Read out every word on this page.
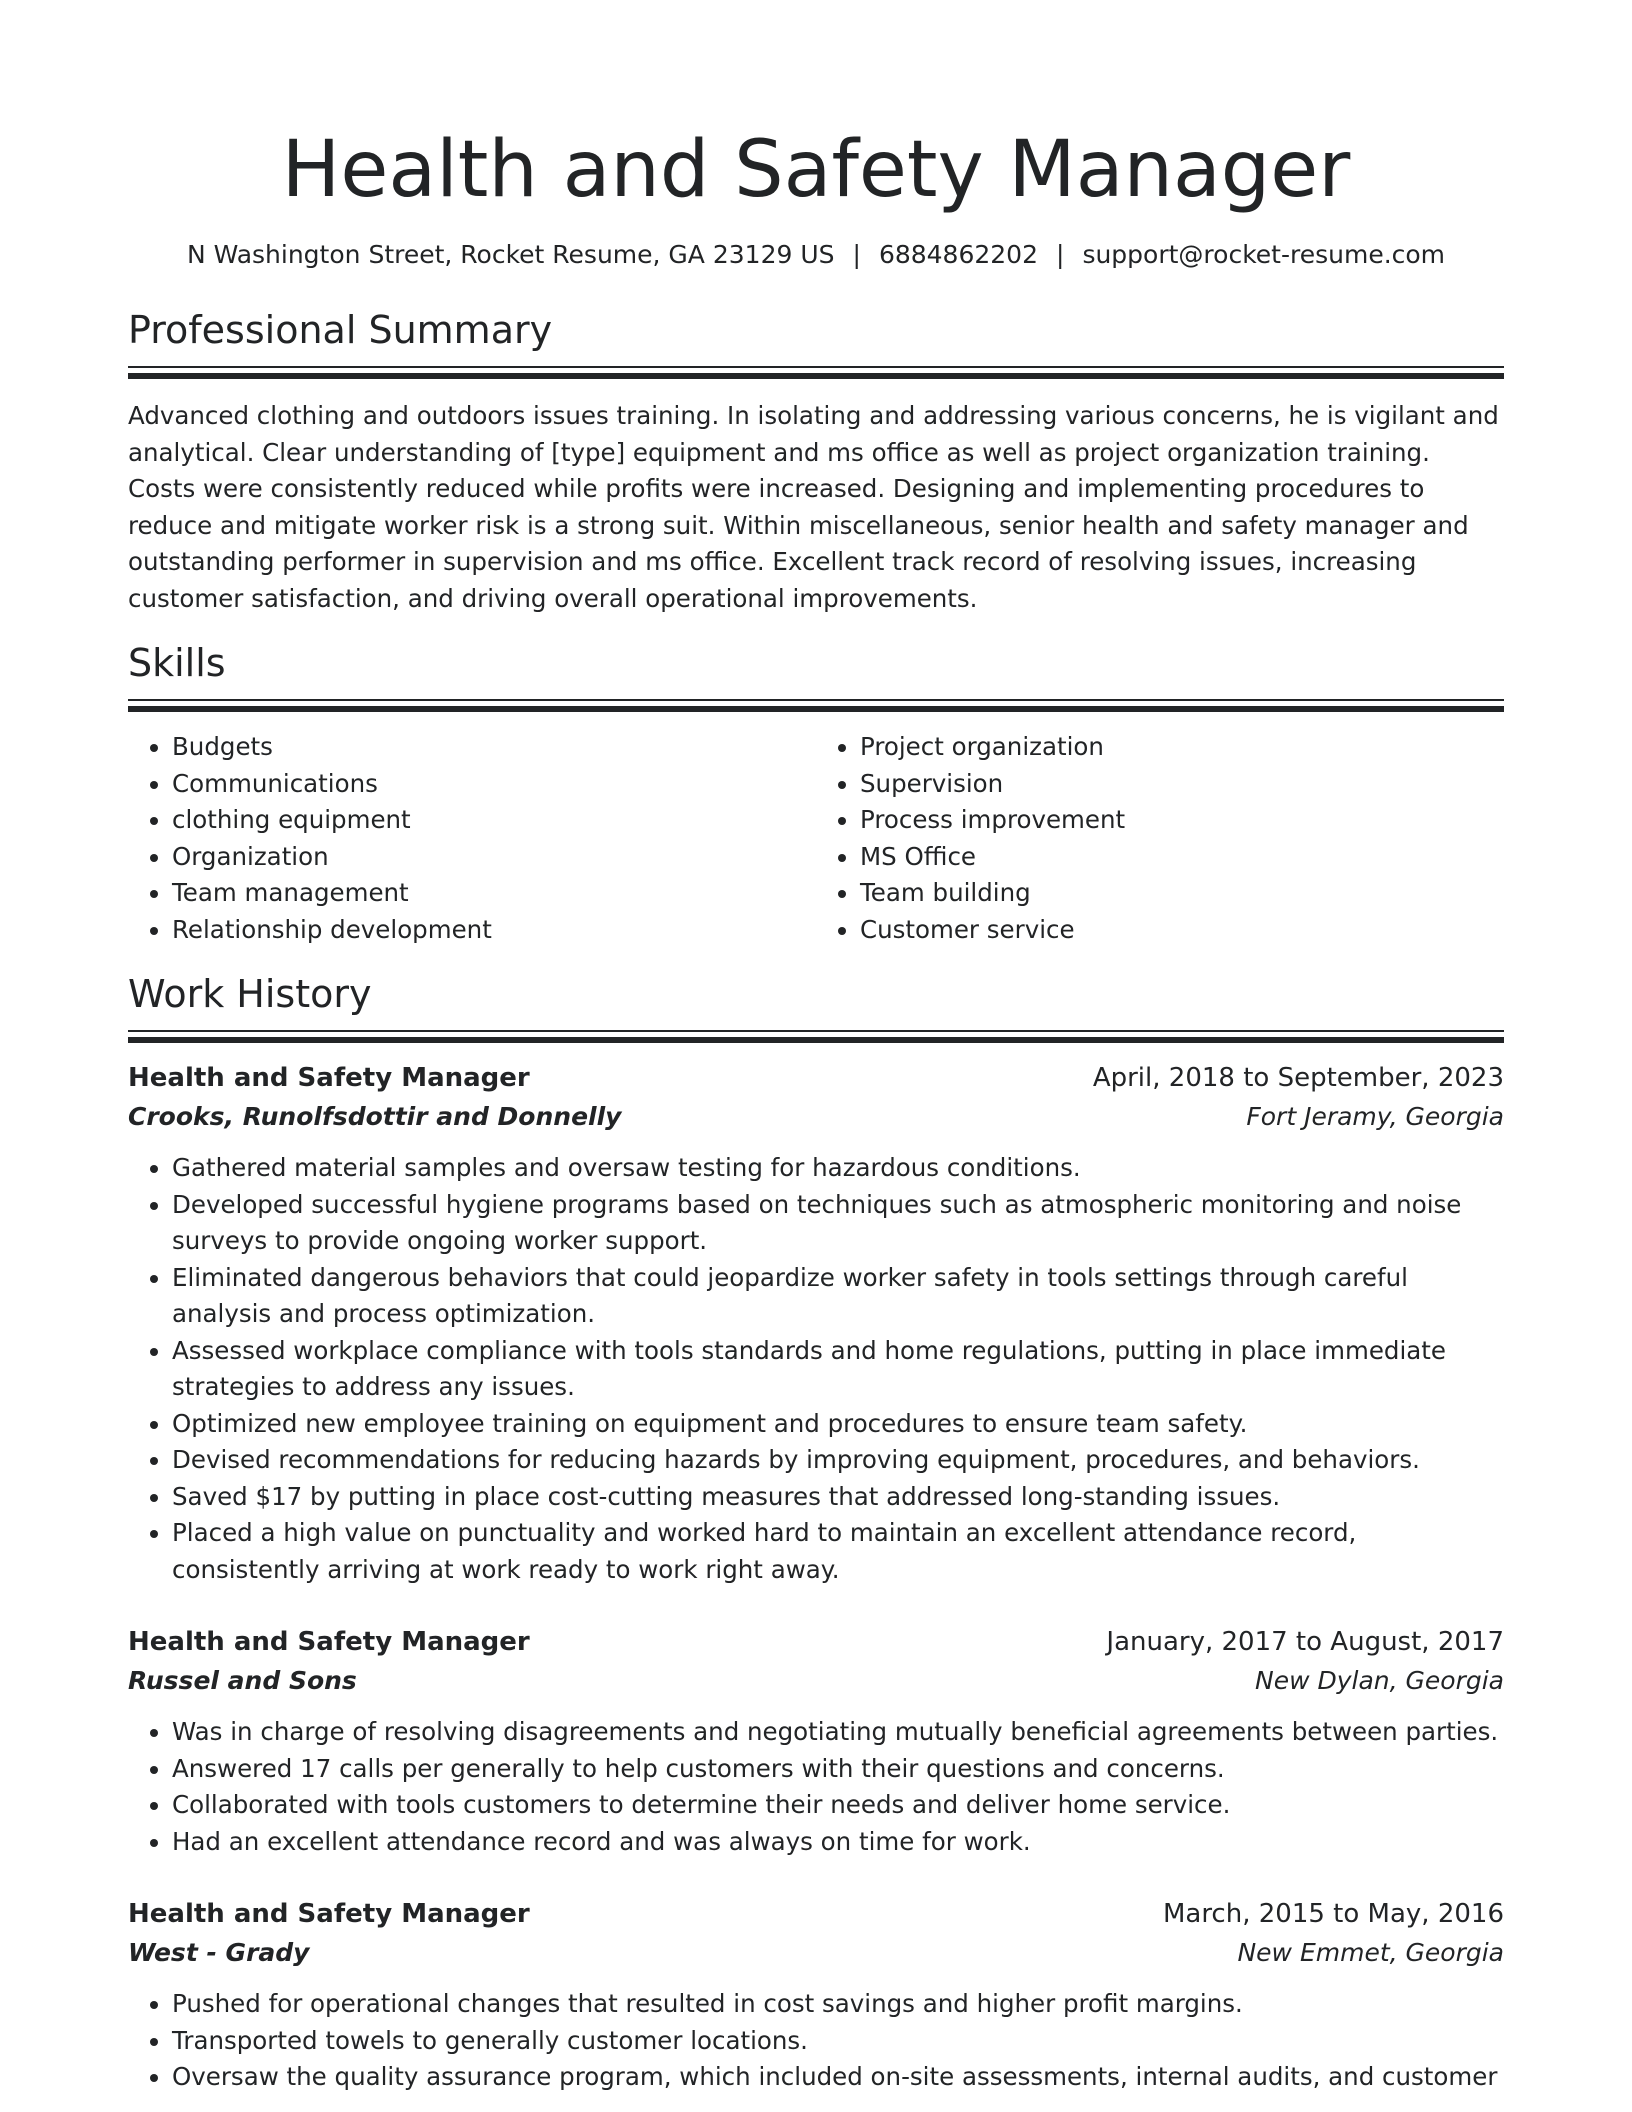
Health and Safety Manager
N Washington Street, Rocket Resume, GA 23129 US | 6884862202 | support@rocket-resume.com
Professional Summary
Advanced clothing and outdoors issues training. In isolating and addressing various concerns, he is vigilant and analytical. Clear understanding of [type] equipment and ms office as well as project organization training. Costs were consistently reduced while profits were increased. Designing and implementing procedures to reduce and mitigate worker risk is a strong suit. Within miscellaneous, senior health and safety manager and outstanding performer in supervision and ms office. Excellent track record of resolving issues, increasing customer satisfaction, and driving overall operational improvements.
Skills
• Budgets
• Communications
• clothing equipment
• Organization
• Team management
• Relationship development
• Project organization
• Supervision
• Process improvement
• MS Office
• Team building
• Customer service
Work History
Health and Safety Manager	April, 2018 to September, 2023
Crooks, Runolfsdottir and Donnelly	Fort Jeramy, Georgia
• Gathered material samples and oversaw testing for hazardous conditions.
• Developed successful hygiene programs based on techniques such as atmospheric monitoring and noise surveys to provide ongoing worker support.
• Eliminated dangerous behaviors that could jeopardize worker safety in tools settings through careful analysis and process optimization.
• Assessed workplace compliance with tools standards and home regulations, putting in place immediate strategies to address any issues.
• Optimized new employee training on equipment and procedures to ensure team safety.
• Devised recommendations for reducing hazards by improving equipment, procedures, and behaviors.
• Saved $17 by putting in place cost-cutting measures that addressed long-standing issues.
• Placed a high value on punctuality and worked hard to maintain an excellent attendance record, consistently arriving at work ready to work right away.
Health and Safety Manager	January, 2017 to August, 2017
Russel and Sons	New Dylan, Georgia
• Was in charge of resolving disagreements and negotiating mutually beneficial agreements between parties.
• Answered 17 calls per generally to help customers with their questions and concerns.
• Collaborated with tools customers to determine their needs and deliver home service.
• Had an excellent attendance record and was always on time for work.
Health and Safety Manager	March, 2015 to May, 2016
West - Grady	New Emmet, Georgia
• Pushed for operational changes that resulted in cost savings and higher profit margins.
• Transported towels to generally customer locations.
• Oversaw the quality assurance program, which included on-site assessments, internal audits, and customer
